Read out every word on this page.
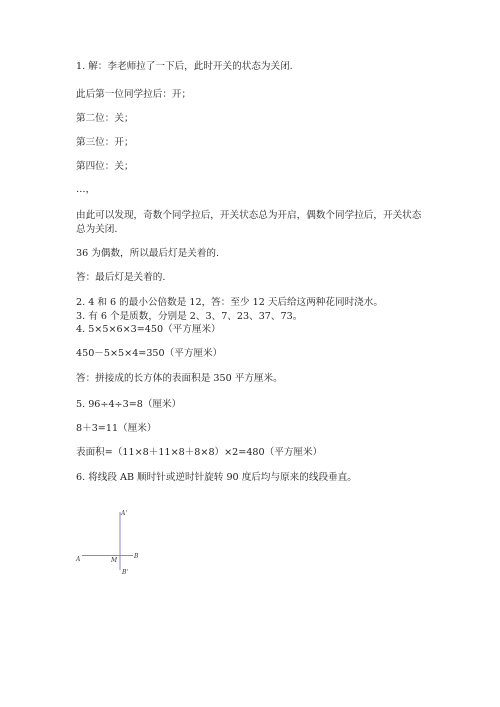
1. 解：李老师拉了一下后，此时开关的状态为关闭.
此后第一位同学拉后：开；
第二位：关；
第三位：开；
第四位：关；
…，
由此可以发现，奇数个同学拉后，开关状态总为开启，偶数个同学拉后，开关状态总为关闭.
36 为偶数，所以最后灯是关着的.
答：最后灯是关着的.
2. 4 和 6 的最小公倍数是 12，答：至少 12 天后给这两种花同时浇水。
3. 有 6 个是质数，分别是 2、3、7、23、37、73。
4. 5×5×6×3=450（平方厘米）
450－5×5×4=350（平方厘米）
答：拼接成的长方体的表面积是 350 平方厘米。
5. 96÷4÷3=8（厘米）
8＋3=11（厘米）
表面积=（11×8＋11×8＋8×8）×2=480（平方厘米）
6. 将线段 AB 顺时针或逆时针旋转 90 度后均与原来的线段垂直。
A'
A	M
B
B'
